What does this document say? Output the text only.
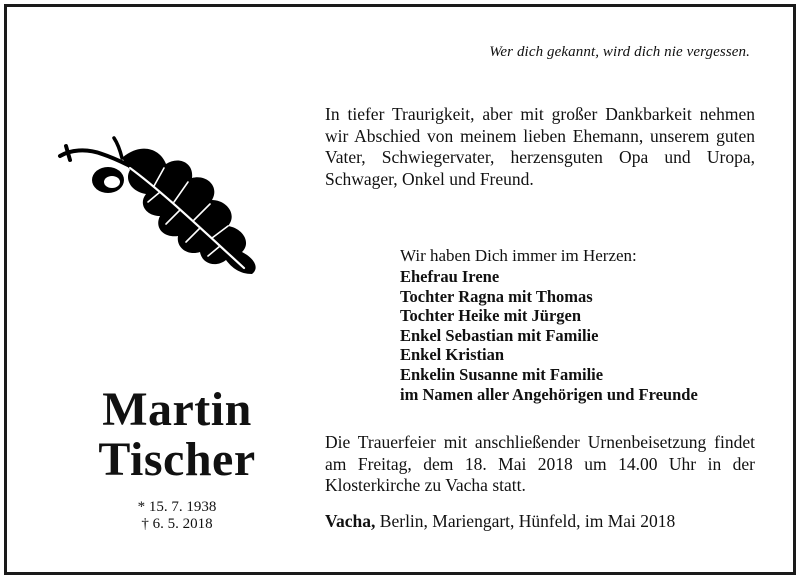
Wer dich gekannt, wird dich nie vergessen.
In tiefer Traurigkeit, aber mit großer Dankbarkeit nehmen wir Abschied von meinem lieben Ehemann, unserem guten Vater, Schwiegervater, herzensguten Opa und Uropa, Schwager, Onkel und Freund.
Wir haben Dich immer im Herzen:
Ehefrau Irene
Tochter Ragna mit Thomas
Tochter Heike mit Jürgen
Enkel Sebastian mit Familie
Enkel Kristian
Enkelin Susanne mit Familie
im Namen aller Angehörigen und Freunde
Martin
Tischer
* 15. 7. 1938
† 6. 5. 2018
Die Trauerfeier mit anschließender Urnenbeisetzung findet am Freitag, dem 18. Mai 2018 um 14.00 Uhr in der Klosterkirche zu Vacha statt.
Vacha, Berlin, Mariengart, Hünfeld, im Mai 2018
